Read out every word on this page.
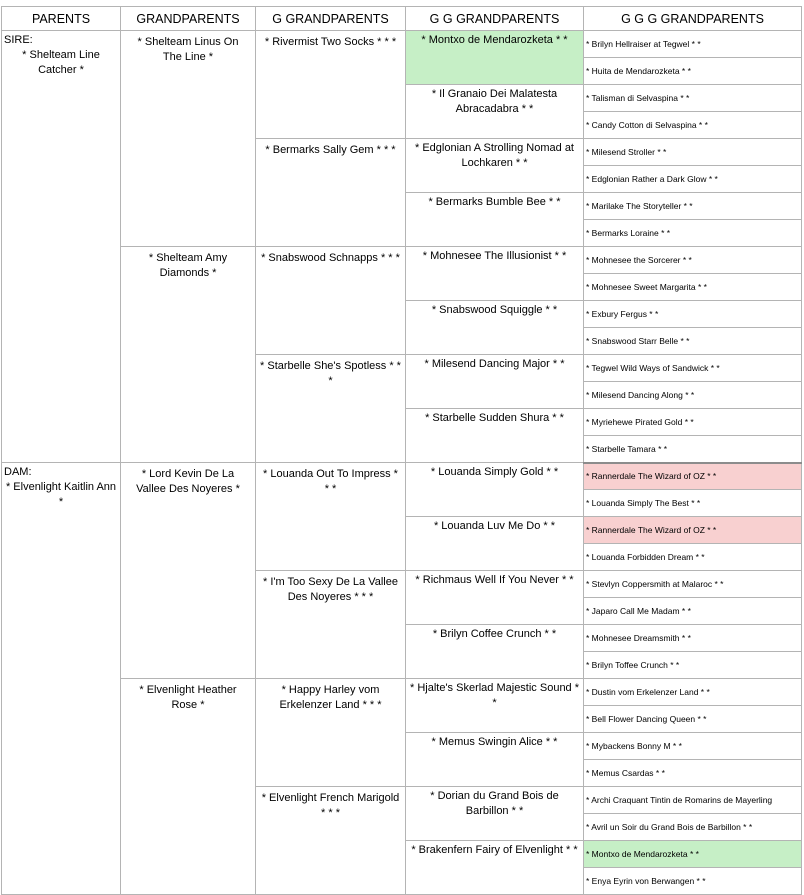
PARENTS	GRANDPARENTS	G GRANDPARENTS	G G GRANDPARENTS	G G G GRANDPARENTS

SIRE:
* Shelteam Line Catcher *	* Shelteam Linus On The Line *	* Rivermist Two Socks * * *	* Montxo de Mendarozketa * *	* Brilyn Hellraiser at Tegwel * *

				* Huita de Mendarozketa * *

			* Il Granaio Dei Malatesta Abracadabra * *	* Talisman di Selvaspina * *

				* Candy Cotton di Selvaspina * *

		* Bermarks Sally Gem * * *	* Edglonian A Strolling Nomad at Lochkaren * *	* Milesend Stroller * *

				* Edglonian Rather a Dark Glow * *

			* Bermarks Bumble Bee * *	* Marilake The Storyteller * *

				* Bermarks Loraine * *

	* Shelteam Amy Diamonds *	* Snabswood Schnapps * * *	* Mohnesee The Illusionist * *	* Mohnesee the Sorcerer * *

				* Mohnesee Sweet Margarita * *

			* Snabswood Squiggle * *	* Exbury Fergus * *

				* Snabswood Starr Belle * *

		* Starbelle She's Spotless * * *	* Milesend Dancing Major * *	* Tegwel Wild Ways of Sandwick * *

				* Milesend Dancing Along * *

			* Starbelle Sudden Shura * *	* Myriehewe Pirated Gold * *

				* Starbelle Tamara * *

DAM:
* Elvenlight Kaitlin Ann *	* Lord Kevin De La Vallee Des Noyeres *	* Louanda Out To Impress * * *	* Louanda Simply Gold * *	* Rannerdale The Wizard of OZ * *

				* Louanda Simply The Best * *

			* Louanda Luv Me Do * *	* Rannerdale The Wizard of OZ * *

				* Louanda Forbidden Dream * *

		* I'm Too Sexy De La Vallee Des Noyeres * * *	* Richmaus Well If You Never * *	* Stevlyn Coppersmith at Malaroc * *

				* Japaro Call Me Madam * *

			* Brilyn Coffee Crunch * *	* Mohnesee Dreamsmith * *

				* Brilyn Toffee Crunch * *

	* Elvenlight Heather Rose *	* Happy Harley vom Erkelenzer Land * * *	* Hjalte's Skerlad Majestic Sound * *	* Dustin vom Erkelenzer Land * *

				* Bell Flower Dancing Queen * *

			* Memus Swingin Alice * *	* Mybackens Bonny M * *

				* Memus Csardas * *

		* Elvenlight French Marigold * * *	* Dorian du Grand Bois de Barbillon * *	* Archi Craquant Tintin de Romarins de Mayerling

				* Avril un Soir du Grand Bois de Barbillon * *

			* Brakenfern Fairy of Elvenlight * *	* Montxo de Mendarozketa * *

				* Enya Eyrin von Berwangen * *
